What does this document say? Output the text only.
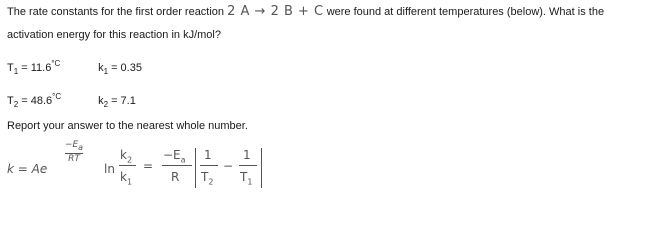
The rate constants for the first order reaction 2 A → 2 B + C were found at different temperatures (below). What is the
activation energy for this reaction in kJ/mol?
$T_1 = 11.6^{^\circ C}$	$k_1 = 0.35$
$T_2 = 48.6^{^\circ C}$	$k_2 = 7.1$
Report your answer to the nearest whole number.
k = Ae
$-E_a$
RT
ln
$k_2$
$k_1$
=
$-E_a$
R
1
$T_2$
−
1
$T_1$
